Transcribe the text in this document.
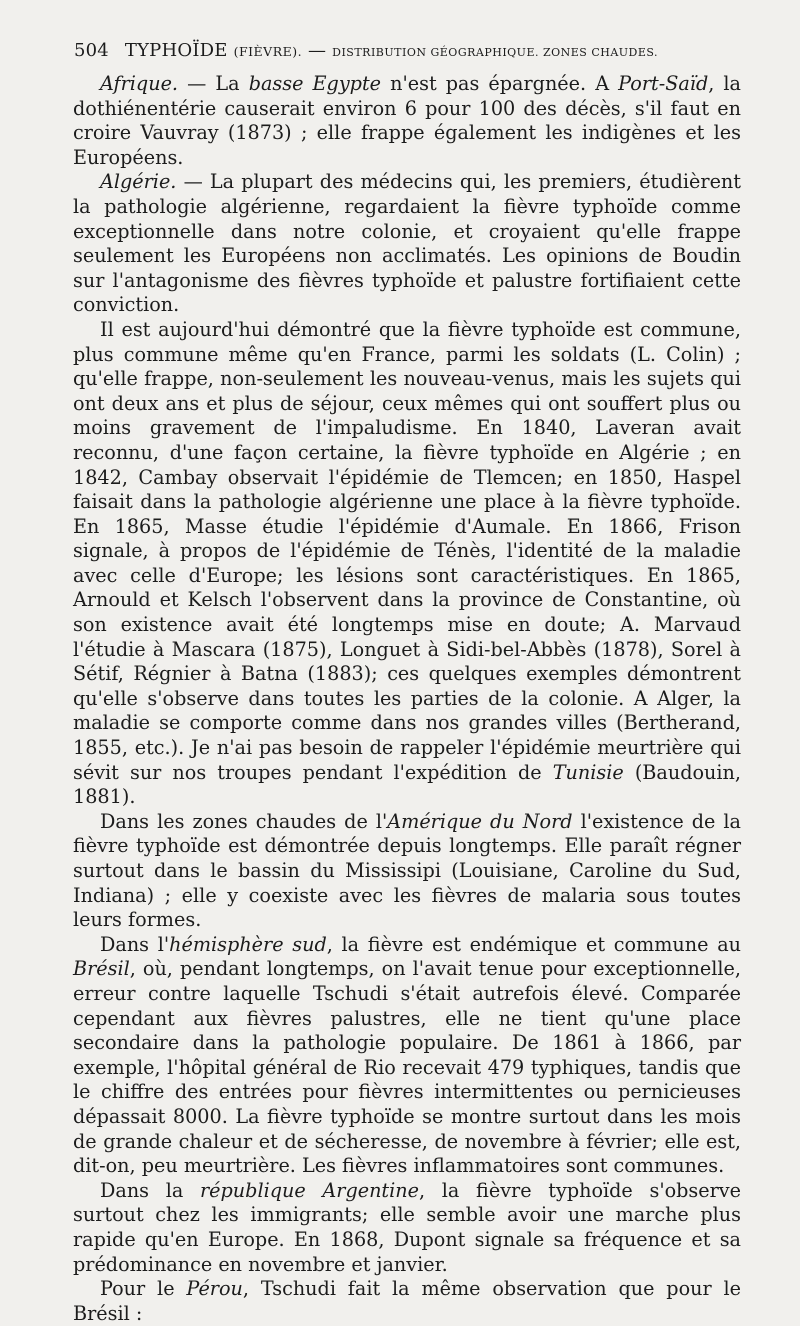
504 TYPHOÏDE (FIÈVRE). — DISTRIBUTION GÉOGRAPHIQUE. ZONES CHAUDES.

Afrique. — La basse Egypte n'est pas épargnée. A Port-Saïd, la dothiénentérie causerait environ 6 pour 100 des décès, s'il faut en croire Vauvray (1873) ; elle frappe également les indigènes et les Européens.

Algérie. — La plupart des médecins qui, les premiers, étudièrent la pathologie algérienne, regardaient la fièvre typhoïde comme exceptionnelle dans notre colonie, et croyaient qu'elle frappe seulement les Européens non acclimatés. Les opinions de Boudin sur l'antagonisme des fièvres typhoïde et palustre fortifiaient cette conviction.

Il est aujourd'hui démontré que la fièvre typhoïde est commune, plus commune même qu'en France, parmi les soldats (L. Colin) ; qu'elle frappe, non-seulement les nouveau-venus, mais les sujets qui ont deux ans et plus de séjour, ceux mêmes qui ont souffert plus ou moins gravement de l'impaludisme. En 1840, Laveran avait reconnu, d'une façon certaine, la fièvre typhoïde en Algérie ; en 1842, Cambay observait l'épidémie de Tlemcen; en 1850, Haspel faisait dans la pathologie algérienne une place à la fièvre typhoïde. En 1865, Masse étudie l'épidémie d'Aumale. En 1866, Frison signale, à propos de l'épidémie de Ténès, l'identité de la maladie avec celle d'Europe; les lésions sont caractéristiques. En 1865, Arnould et Kelsch l'observent dans la province de Constantine, où son existence avait été longtemps mise en doute; A. Marvaud l'étudie à Mascara (1875), Longuet à Sidi-bel-Abbès (1878), Sorel à Sétif, Régnier à Batna (1883); ces quelques exemples démontrent qu'elle s'observe dans toutes les parties de la colonie. A Alger, la maladie se comporte comme dans nos grandes villes (Bertherand, 1855, etc.). Je n'ai pas besoin de rappeler l'épidémie meurtrière qui sévit sur nos troupes pendant l'expédition de Tunisie (Baudouin, 1881).

Dans les zones chaudes de l'Amérique du Nord l'existence de la fièvre typhoïde est démontrée depuis longtemps. Elle paraît régner surtout dans le bassin du Mississipi (Louisiane, Caroline du Sud, Indiana) ; elle y coexiste avec les fièvres de malaria sous toutes leurs formes.

Dans l'hémisphère sud, la fièvre est endémique et commune au Brésil, où, pendant longtemps, on l'avait tenue pour exceptionnelle, erreur contre laquelle Tschudi s'était autrefois élevé. Comparée cependant aux fièvres palustres, elle ne tient qu'une place secondaire dans la pathologie populaire. De 1861 à 1866, par exemple, l'hôpital général de Rio recevait 479 typhiques, tandis que le chiffre des entrées pour fièvres intermittentes ou pernicieuses dépassait 8000. La fièvre typhoïde se montre surtout dans les mois de grande chaleur et de sécheresse, de novembre à février; elle est, dit-on, peu meurtrière. Les fièvres inflammatoires sont communes.

Dans la république Argentine, la fièvre typhoïde s'observe surtout chez les immigrants; elle semble avoir une marche plus rapide qu'en Europe. En 1868, Dupont signale sa fréquence et sa prédominance en novembre et janvier.

Pour le Pérou, Tschudi fait la même observation que pour le Brésil :
